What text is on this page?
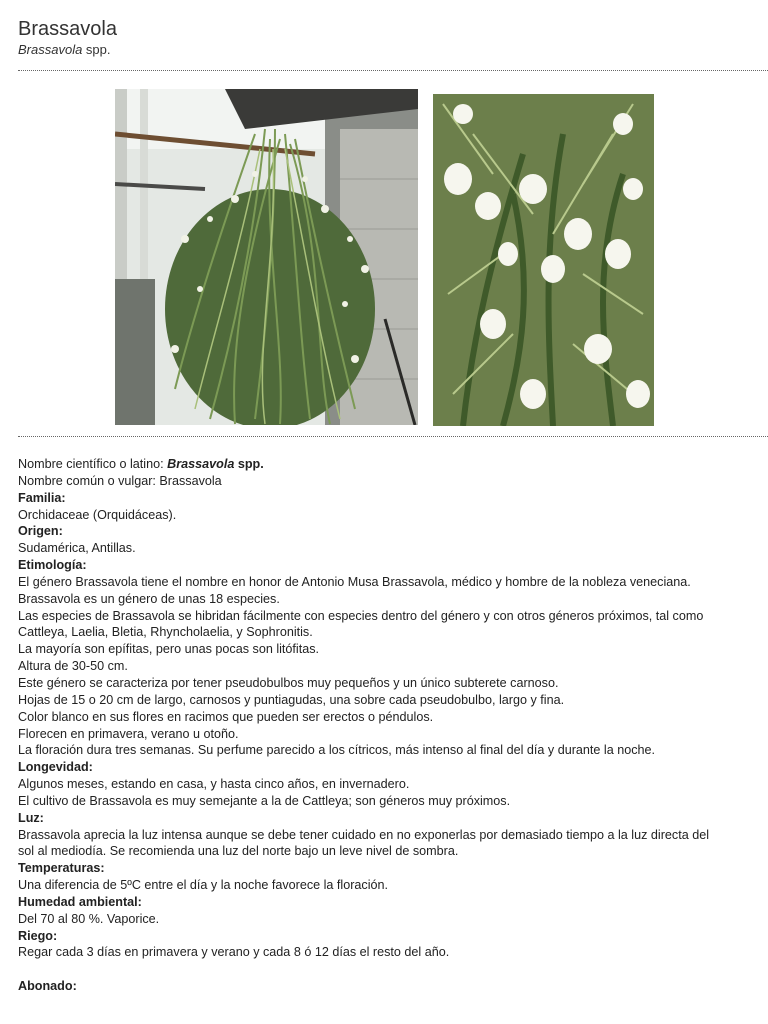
Brassavola
Brassavola spp.
Nombre científico o latino: Brassavola spp.
Nombre común o vulgar: Brassavola
Familia:
Orchidaceae (Orquidáceas).
Origen:
Sudamérica, Antillas.
Etimología:
El género Brassavola tiene el nombre en honor de Antonio Musa Brassavola, médico y hombre de la nobleza veneciana.
Brassavola es un género de unas 18 especies.
Las especies de Brassavola se hibridan fácilmente con especies dentro del género y con otros géneros próximos, tal como
Cattleya, Laelia, Bletia, Rhyncholaelia, y Sophronitis.
La mayoría son epífitas, pero unas pocas son litófitas.
Altura de 30-50 cm.
Este género se caracteriza por tener pseudobulbos muy pequeños y un único subterete carnoso.
Hojas de 15 o 20 cm de largo, carnosos y puntiagudas, una sobre cada pseudobulbo, largo y fina.
Color blanco en sus flores en racimos que pueden ser erectos o péndulos.
Florecen en primavera, verano u otoño.
La floración dura tres semanas. Su perfume parecido a los cítricos, más intenso al final del día y durante la noche.
Longevidad:
Algunos meses, estando en casa, y hasta cinco años, en invernadero.
El cultivo de Brassavola es muy semejante a la de Cattleya; son géneros muy próximos.
Luz:
Brassavola aprecia la luz intensa aunque se debe tener cuidado en no exponerlas por demasiado tiempo a la luz directa del
sol al mediodía. Se recomienda una luz del norte bajo un leve nivel de sombra.
Temperaturas:
Una diferencia de 5ºC entre el día y la noche favorece la floración.
Humedad ambiental:
Del 70 al 80 %. Vaporice.
Riego:
Regar cada 3 días en primavera y verano y cada 8 ó 12 días el resto del año.
Abonado:
